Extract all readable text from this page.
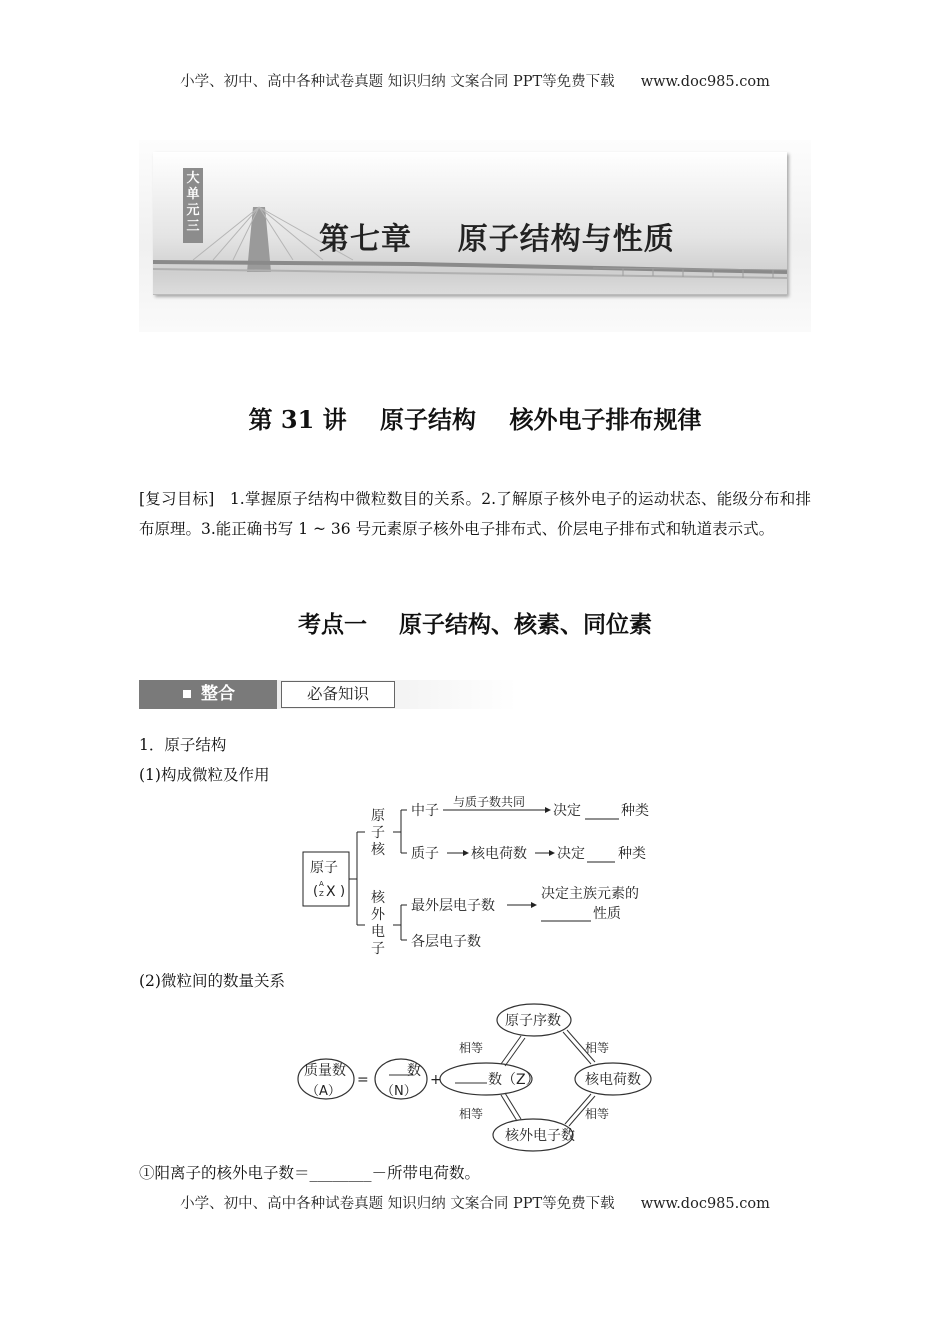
小学、初中、高中各种试卷真题 知识归纳 文案合同 PPT等免费下载 www.doc985.com
大单元三	第七章    原子结构与性质
第 31 讲    原子结构    核外电子排布规律
[复习目标] 1.掌握原子结构中微粒数目的关系。2.了解原子核外电子的运动状态、能级分布和排布原理。3.能正确书写 1 ~ 36 号元素原子核外电子排布式、价层电子排布式和轨道表示式。
考点一    原子结构、核素、同位素
整合	必备知识
1．原子结构
(1)构成微粒及作用
原子
( A
Z X )
原
子
核
核
外
电
子
中子
与质子数共同
决定	种类
质子 核电荷数 决定 种类
最外层电子数
决定主族元素的
性质
各层电子数
(2)微粒间的数量关系
质量数
（A）
=
数
（N）
+	数（Z）
原子序数
核电荷数
核外电子数
相等	相等
相等	相等
①阳离子的核外电子数＝________－所带电荷数。
小学、初中、高中各种试卷真题 知识归纳 文案合同 PPT等免费下载 www.doc985.com
